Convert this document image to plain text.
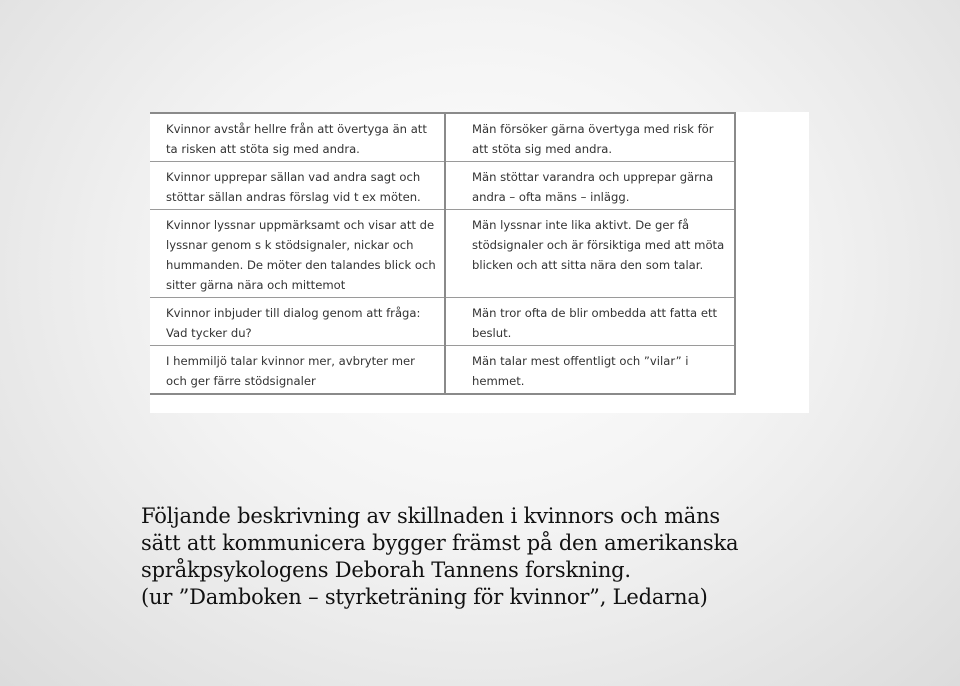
Kvinnor avstår hellre från att övertyga än att ta risken att stöta sig med andra.	Män försöker gärna övertyga med risk för att stöta sig med andra.
Kvinnor upprepar sällan vad andra sagt och stöttar sällan andras förslag vid t ex möten.	Män stöttar varandra och upprepar gärna andra – ofta mäns – inlägg.
Kvinnor lyssnar uppmärksamt och visar att de lyssnar genom s k stödsignaler, nickar och hummanden. De möter den talandes blick och sitter gärna nära och mittemot	Män lyssnar inte lika aktivt. De ger få stödsignaler och är försiktiga med att möta blicken och att sitta nära den som talar.
Kvinnor inbjuder till dialog genom att fråga: Vad tycker du?	Män tror ofta de blir ombedda att fatta ett beslut.
I hemmiljö talar kvinnor mer, avbryter mer och ger färre stödsignaler	Män talar mest offentligt och ”vilar” i hemmet.
Följande beskrivning av skillnaden i kvinnors och mäns
sätt att kommunicera bygger främst på den amerikanska
språkpsykologens Deborah Tannens forskning.
(ur ”Damboken – styrketräning för kvinnor”, Ledarna)
